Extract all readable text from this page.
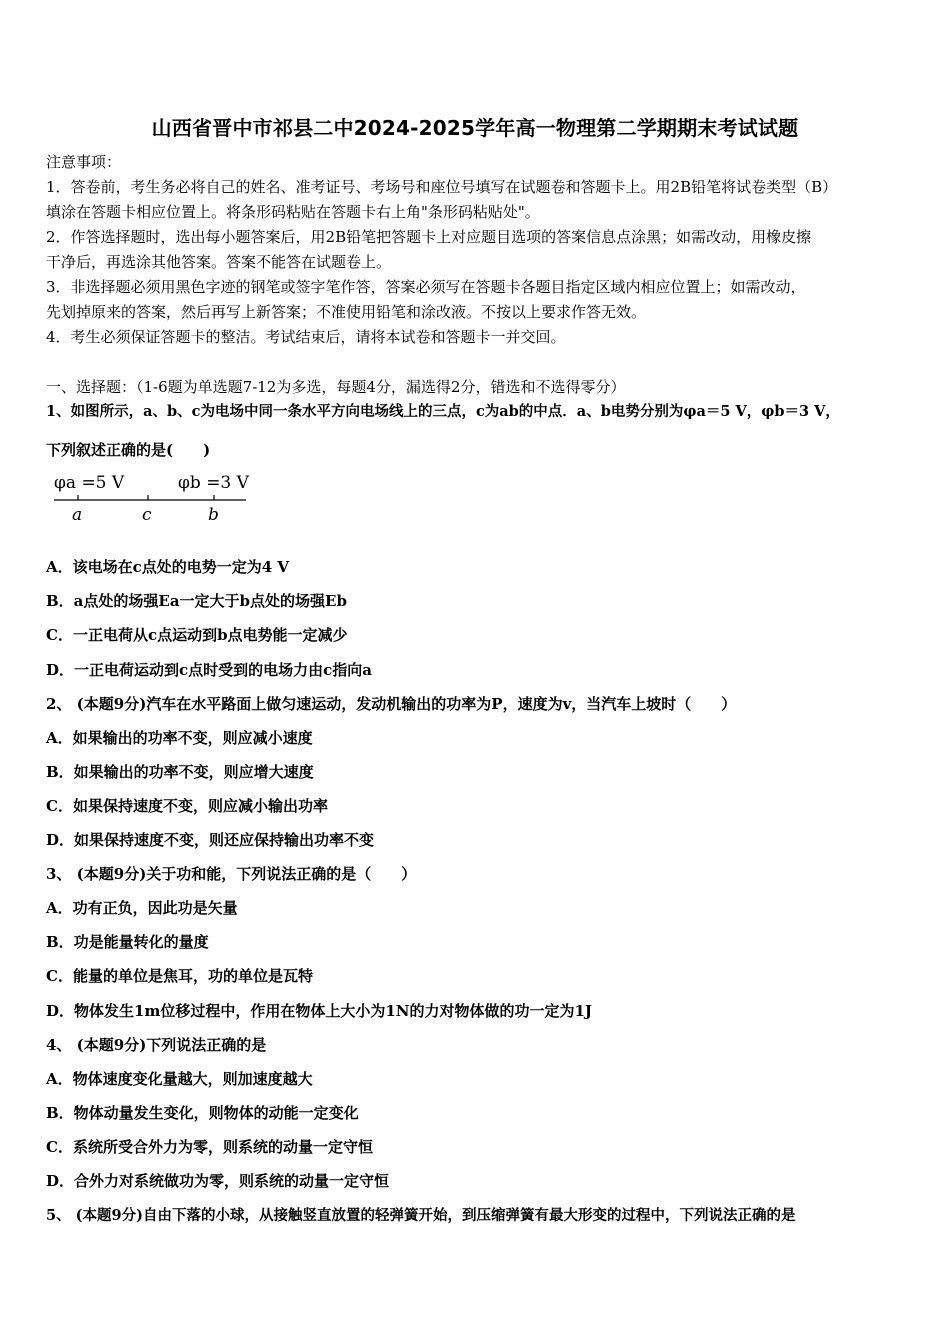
山西省晋中市祁县二中2024-2025学年高一物理第二学期期末考试试题
注意事项：
1．答卷前，考生务必将自己的姓名、准考证号、考场号和座位号填写在试题卷和答题卡上。用2B铅笔将试卷类型（B）
填涂在答题卡相应位置上。将条形码粘贴在答题卡右上角"条形码粘贴处"。
2．作答选择题时，选出每小题答案后，用2B铅笔把答题卡上对应题目选项的答案信息点涂黑；如需改动，用橡皮擦
干净后，再选涂其他答案。答案不能答在试题卷上。
3．非选择题必须用黑色字迹的钢笔或签字笔作答，答案必须写在答题卡各题目指定区域内相应位置上；如需改动，
先划掉原来的答案，然后再写上新答案；不准使用铅笔和涂改液。不按以上要求作答无效。
4．考生必须保证答题卡的整洁。考试结束后，请将本试卷和答题卡一并交回。
一、选择题：（1-6题为单选题7-12为多选，每题4分，漏选得2分，错选和不选得零分）
1、如图所示，a、b、c为电场中同一条水平方向电场线上的三点，c为ab的中点．a、b电势分别为φa＝5 V，φb＝3 V，
下列叙述正确的是(　　)
φa =5 V	φb =3 V
a	c	b
A．该电场在c点处的电势一定为4 V
B．a点处的场强Ea一定大于b点处的场强Eb
C．一正电荷从c点运动到b点电势能一定减少
D．一正电荷运动到c点时受到的电场力由c指向a
2、 (本题9分)汽车在水平路面上做匀速运动，发动机输出的功率为P，速度为v，当汽车上坡时（　　）
A．如果输出的功率不变，则应减小速度
B．如果输出的功率不变，则应增大速度
C．如果保持速度不变，则应减小输出功率
D．如果保持速度不变，则还应保持输出功率不变
3、 (本题9分)关于功和能，下列说法正确的是（　　）
A．功有正负，因此功是矢量
B．功是能量转化的量度
C．能量的单位是焦耳，功的单位是瓦特
D．物体发生1m位移过程中，作用在物体上大小为1N的力对物体做的功一定为1J
4、 (本题9分)下列说法正确的是
A．物体速度变化量越大，则加速度越大
B．物体动量发生变化，则物体的动能一定变化
C．系统所受合外力为零，则系统的动量一定守恒
D．合外力对系统做功为零，则系统的动量一定守恒
5、 (本题9分)自由下落的小球，从接触竖直放置的轻弹簧开始，到压缩弹簧有最大形变的过程中，下列说法正确的是
